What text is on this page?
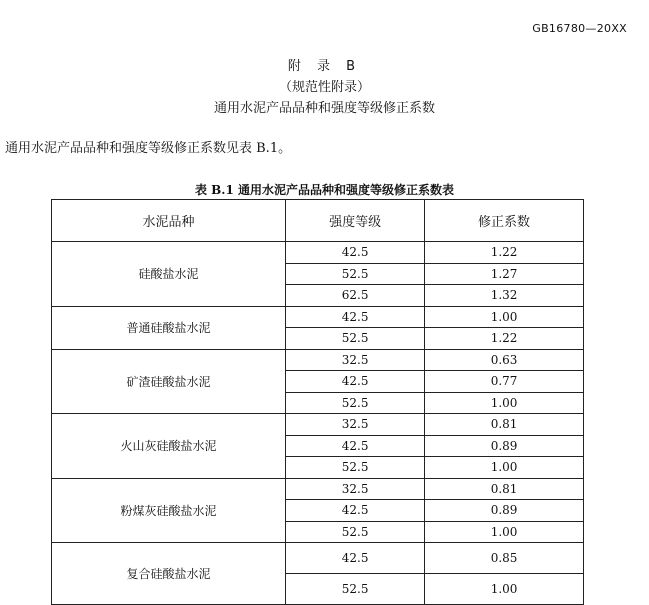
GB16780—20XX
附 录 B
（规范性附录）
通用水泥产品品种和强度等级修正系数
通用水泥产品品种和强度等级修正系数见表 B.1。
表 B.1 通用水泥产品品种和强度等级修正系数表
水泥品种	强度等级	修正系数
硅酸盐水泥	42.5	1.22
	52.5	1.27
	62.5	1.32
普通硅酸盐水泥	42.5	1.00
	52.5	1.22
矿渣硅酸盐水泥	32.5	0.63
	42.5	0.77
	52.5	1.00
火山灰硅酸盐水泥	32.5	0.81
	42.5	0.89
	52.5	1.00
粉煤灰硅酸盐水泥	32.5	0.81
	42.5	0.89
	52.5	1.00
复合硅酸盐水泥	42.5	0.85
	52.5	1.00
